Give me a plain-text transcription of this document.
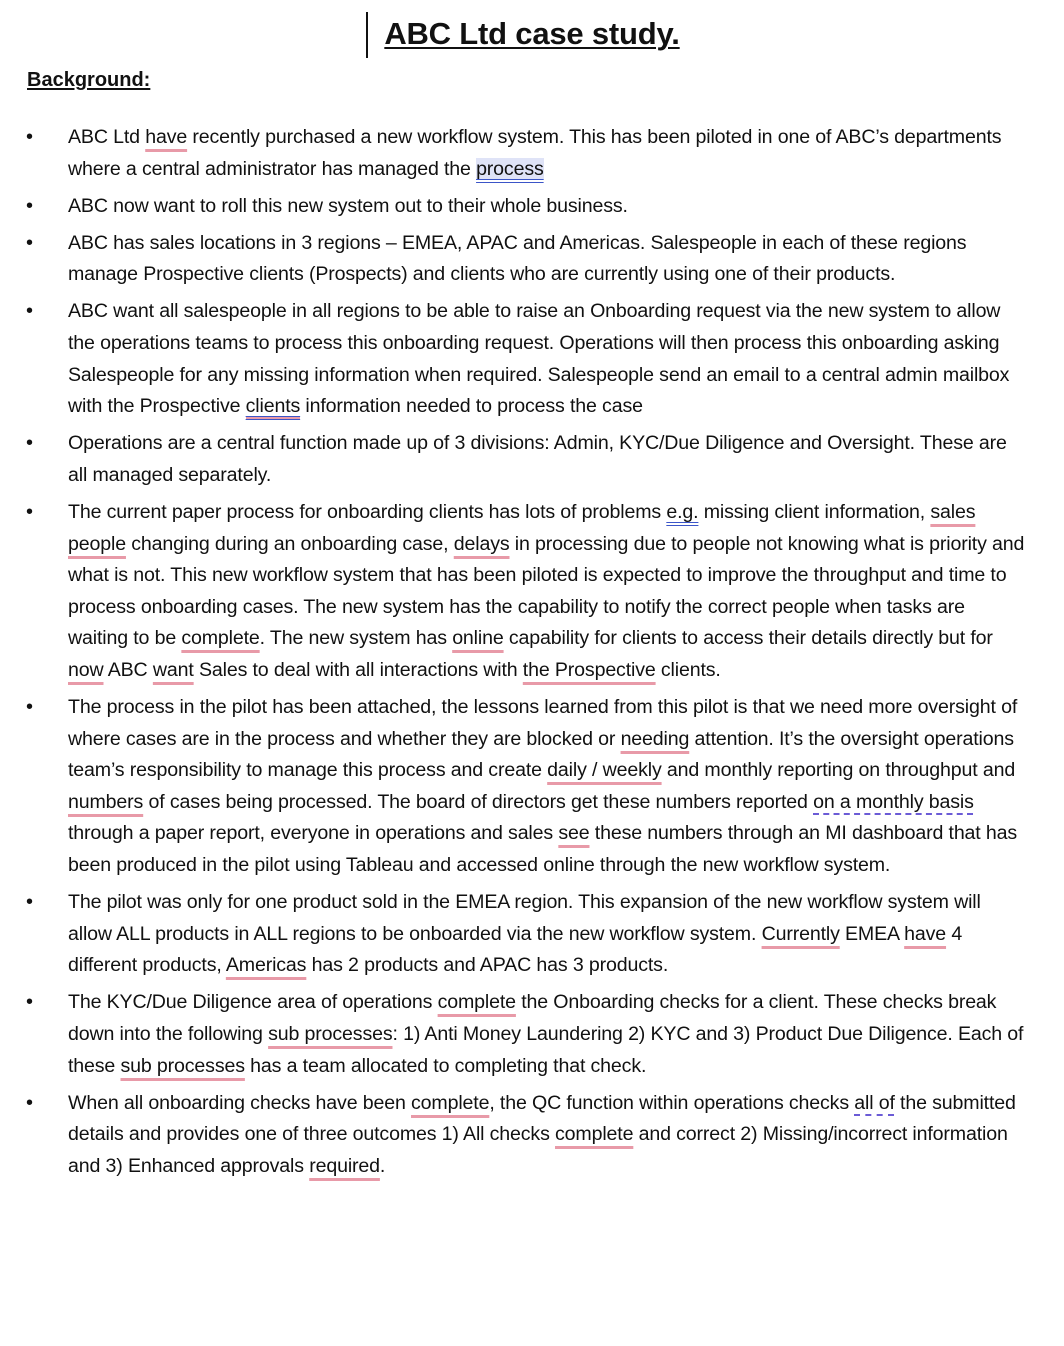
ABC Ltd case study.
Background:
• ABC Ltd have recently purchased a new workflow system. This has been piloted in one of ABC’s departments where a central administrator has managed the process
• ABC now want to roll this new system out to their whole business.
• ABC has sales locations in 3 regions – EMEA, APAC and Americas. Salespeople in each of these regions manage Prospective clients (Prospects) and clients who are currently using one of their products.
• ABC want all salespeople in all regions to be able to raise an Onboarding request via the new system to allow the operations teams to process this onboarding request. Operations will then process this onboarding asking Salespeople for any missing information when required. Salespeople send an email to a central admin mailbox with the Prospective clients information needed to process the case
• Operations are a central function made up of 3 divisions: Admin, KYC/Due Diligence and Oversight. These are all managed separately.
• The current paper process for onboarding clients has lots of problems e.g. missing client information, sales people changing during an onboarding case, delays in processing due to people not knowing what is priority and what is not. This new workflow system that has been piloted is expected to improve the throughput and time to process onboarding cases. The new system has the capability to notify the correct people when tasks are waiting to be complete. The new system has online capability for clients to access their details directly but for now ABC want Sales to deal with all interactions with the Prospective clients.
• The process in the pilot has been attached, the lessons learned from this pilot is that we need more oversight of where cases are in the process and whether they are blocked or needing attention. It’s the oversight operations team’s responsibility to manage this process and create daily / weekly and monthly reporting on throughput and numbers of cases being processed. The board of directors get these numbers reported on a monthly basis through a paper report, everyone in operations and sales see these numbers through an MI dashboard that has been produced in the pilot using Tableau and accessed online through the new workflow system.
• The pilot was only for one product sold in the EMEA region. This expansion of the new workflow system will allow ALL products in ALL regions to be onboarded via the new workflow system. Currently EMEA have 4 different products, Americas has 2 products and APAC has 3 products.
• The KYC/Due Diligence area of operations complete the Onboarding checks for a client. These checks break down into the following sub processes: 1) Anti Money Laundering 2) KYC and 3) Product Due Diligence. Each of these sub processes has a team allocated to completing that check.
• When all onboarding checks have been complete, the QC function within operations checks all of the submitted details and provides one of three outcomes 1) All checks complete and correct 2) Missing/incorrect information and 3) Enhanced approvals required.
